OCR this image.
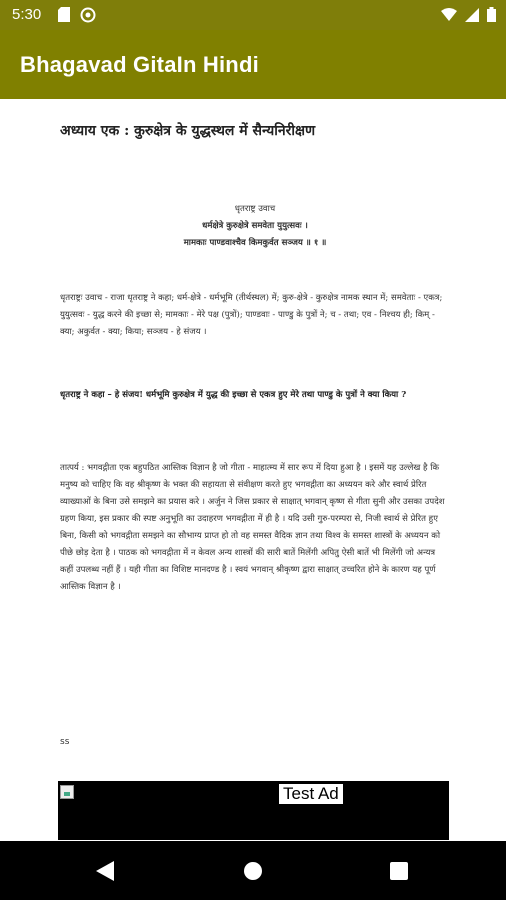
5:30
Bhagavad GitaIn Hindi
अध्याय एक : कुरुक्षेत्र के युद्धस्थल में सैन्यनिरीक्षण
धृतराष्ट्र उवाच
धर्मक्षेत्रे कुरुक्षेत्रे समवेता युयुत्सवः ।
मामकाः पाण्डवाश्चैव किमकुर्वत सञ्जय ॥ १ ॥
धृतराष्ट्रः उवाच - राजा धृतराष्ट्र ने कहा; धर्म-क्षेत्रे - धर्मभूमि (तीर्थस्थल) में; कुरु-क्षेत्रे - कुरुक्षेत्र नामक स्थान में; समवेताः - एकत्र; युयुत्सवः - युद्ध करने की इच्छा से; मामकाः - मेरे पक्ष (पुत्रों); पाण्डवाः - पाण्डु के पुत्रों ने; च - तथा; एव - निश्चय ही; किम् - क्या; अकुर्वत - क्या; किया; सञ्जय - हे संजय ।
धृतराष्ट्र ने कहा – हे संजय! धर्मभूमि कुरुक्षेत्र में युद्ध की इच्छा से एकत्र हुए मेरे तथा पाण्डु के पुत्रों ने क्या किया ?
तात्पर्य : भगवद्गीता एक बहुपठित आस्तिक विज्ञान है जो गीता - माहात्म्य में सार रूप में दिया हुआ है । इसमें यह उल्लेख है कि मनुष्य को चाहिए कि वह श्रीकृष्ण के भक्त की सहायता से संवीक्षण करते हुए भगवद्गीता का अध्ययन करे और स्वार्थ प्रेरित व्याख्याओं के बिना उसे समझने का प्रयास करे । अर्जुन ने जिस प्रकार से साक्षात् भगवान् कृष्ण से गीता सुनी और उसका उपदेश ग्रहण किया, इस प्रकार की स्पष्ट अनुभूति का उदाहरण भगवद्गीता में ही है । यदि उसी गुरु-परम्परा से, निजी स्वार्थ से प्रेरित हुए बिना, किसी को भगवद्गीता समझने का सौभाग्य प्राप्त हो तो वह समस्त वैदिक ज्ञान तथा विश्व के समस्त शास्त्रों के अध्ययन को पीछे छोड़ देता है । पाठक को भगवद्गीता में न केवल अन्य शास्त्रों की सारी बातें मिलेंगी अपितु ऐसी बातें भी मिलेंगी जो अन्यत्र कहीं उपलब्ध नहीं हैं । यही गीता का विशिष्ट मानदण्ड है । स्वयं भगवान् श्रीकृष्ण द्वारा साक्षात् उच्चरित होने के कारण यह पूर्ण आस्तिक विज्ञान है ।
ss
Test Ad
